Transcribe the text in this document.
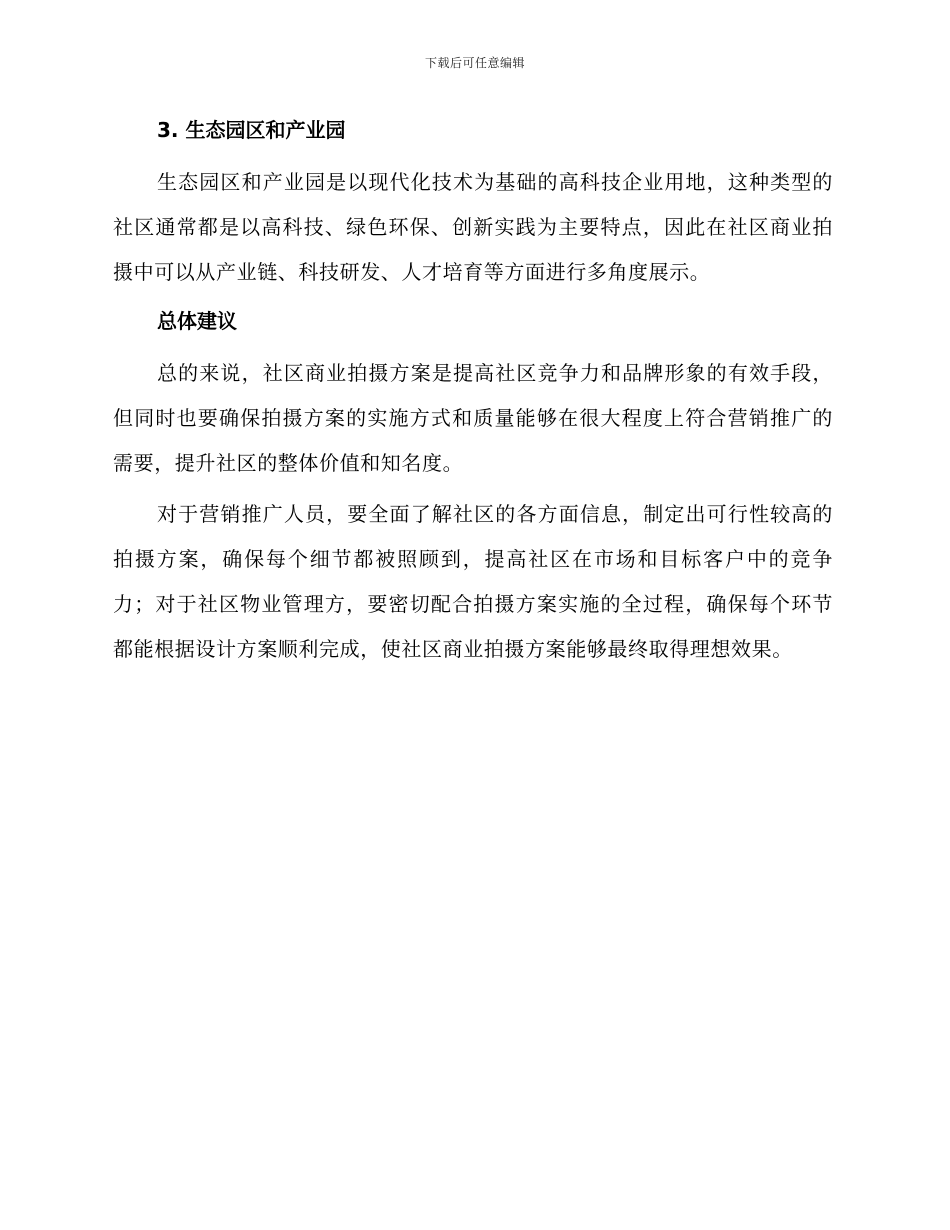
下载后可任意编辑
3. 生态园区和产业园

生态园区和产业园是以现代化技术为基础的高科技企业用地，这种类型的社区通常都是以高科技、绿色环保、创新实践为主要特点，因此在社区商业拍摄中可以从产业链、科技研发、人才培育等方面进行多角度展示。

总体建议

总的来说，社区商业拍摄方案是提高社区竞争力和品牌形象的有效手段，但同时也要确保拍摄方案的实施方式和质量能够在很大程度上符合营销推广的需要，提升社区的整体价值和知名度。

对于营销推广人员，要全面了解社区的各方面信息，制定出可行性较高的拍摄方案，确保每个细节都被照顾到，提高社区在市场和目标客户中的竞争力；对于社区物业管理方，要密切配合拍摄方案实施的全过程，确保每个环节都能根据设计方案顺利完成，使社区商业拍摄方案能够最终取得理想效果。
